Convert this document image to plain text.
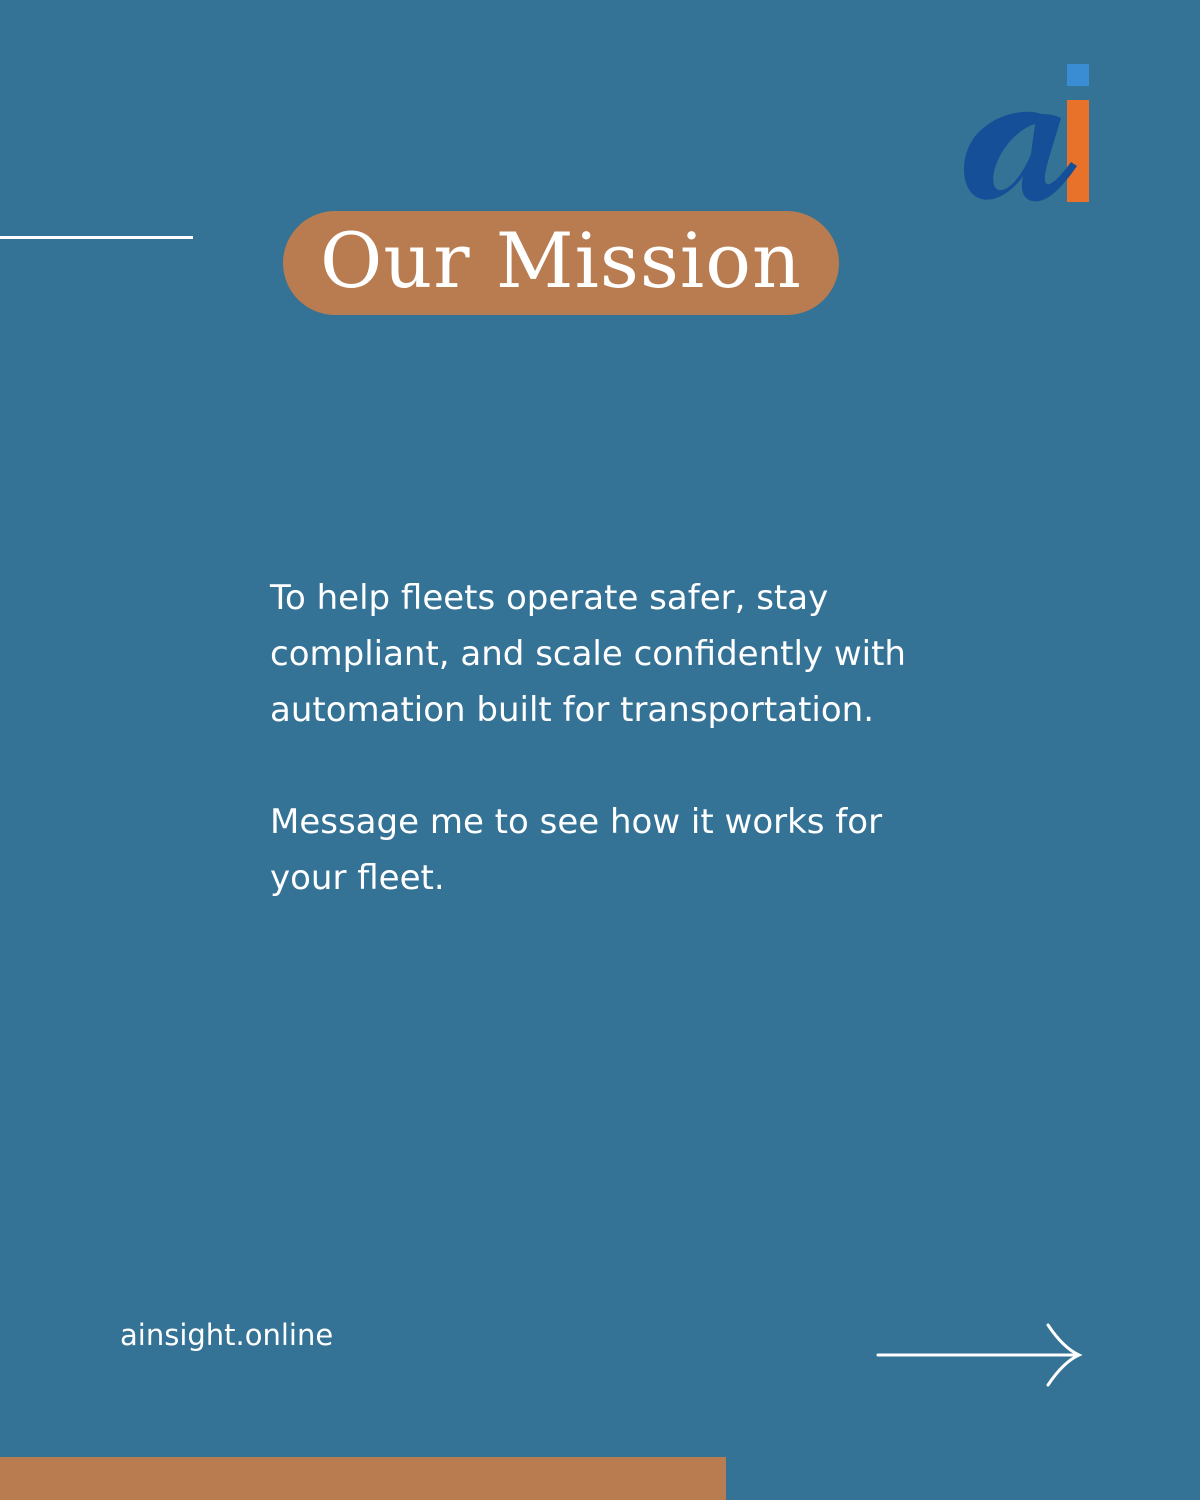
Our Mission

To help fleets operate safer, stay compliant, and scale confidently with automation built for transportation.

Message me to see how it works for your fleet.

ainsight.online
